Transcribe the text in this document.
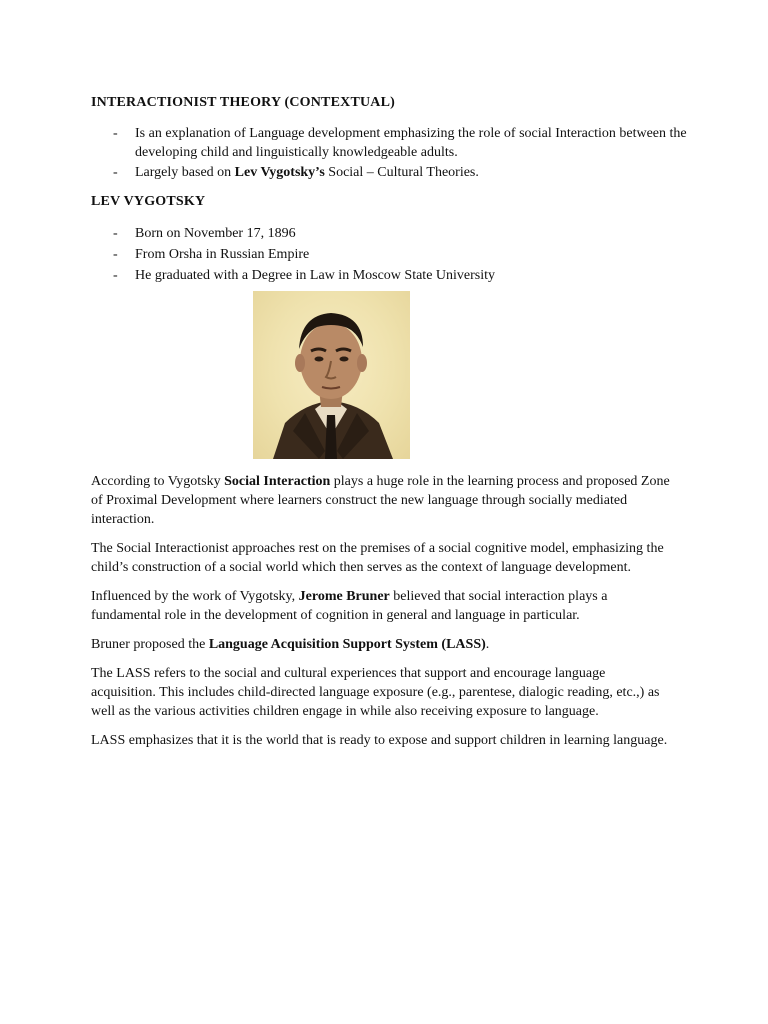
INTERACTIONIST THEORY (CONTEXTUAL)
- Is an explanation of Language development emphasizing the role of social Interaction between the developing child and linguistically knowledgeable adults.
- Largely based on Lev Vygotsky’s Social – Cultural Theories.
LEV VYGOTSKY
- Born on November 17, 1896
- From Orsha in Russian Empire
- He graduated with a Degree in Law in Moscow State University

According to Vygotsky Social Interaction plays a huge role in the learning process and proposed Zone of Proximal Development where learners construct the new language through socially mediated interaction.

The Social Interactionist approaches rest on the premises of a social cognitive model, emphasizing the child’s construction of a social world which then serves as the context of language development.

Influenced by the work of Vygotsky, Jerome Bruner believed that social interaction plays a fundamental role in the development of cognition in general and language in particular.

Bruner proposed the Language Acquisition Support System (LASS).

The LASS refers to the social and cultural experiences that support and encourage language acquisition. This includes child-directed language exposure (e.g., parentese, dialogic reading, etc.,) as well as the various activities children engage in while also receiving exposure to language.

LASS emphasizes that it is the world that is ready to expose and support children in learning language.
